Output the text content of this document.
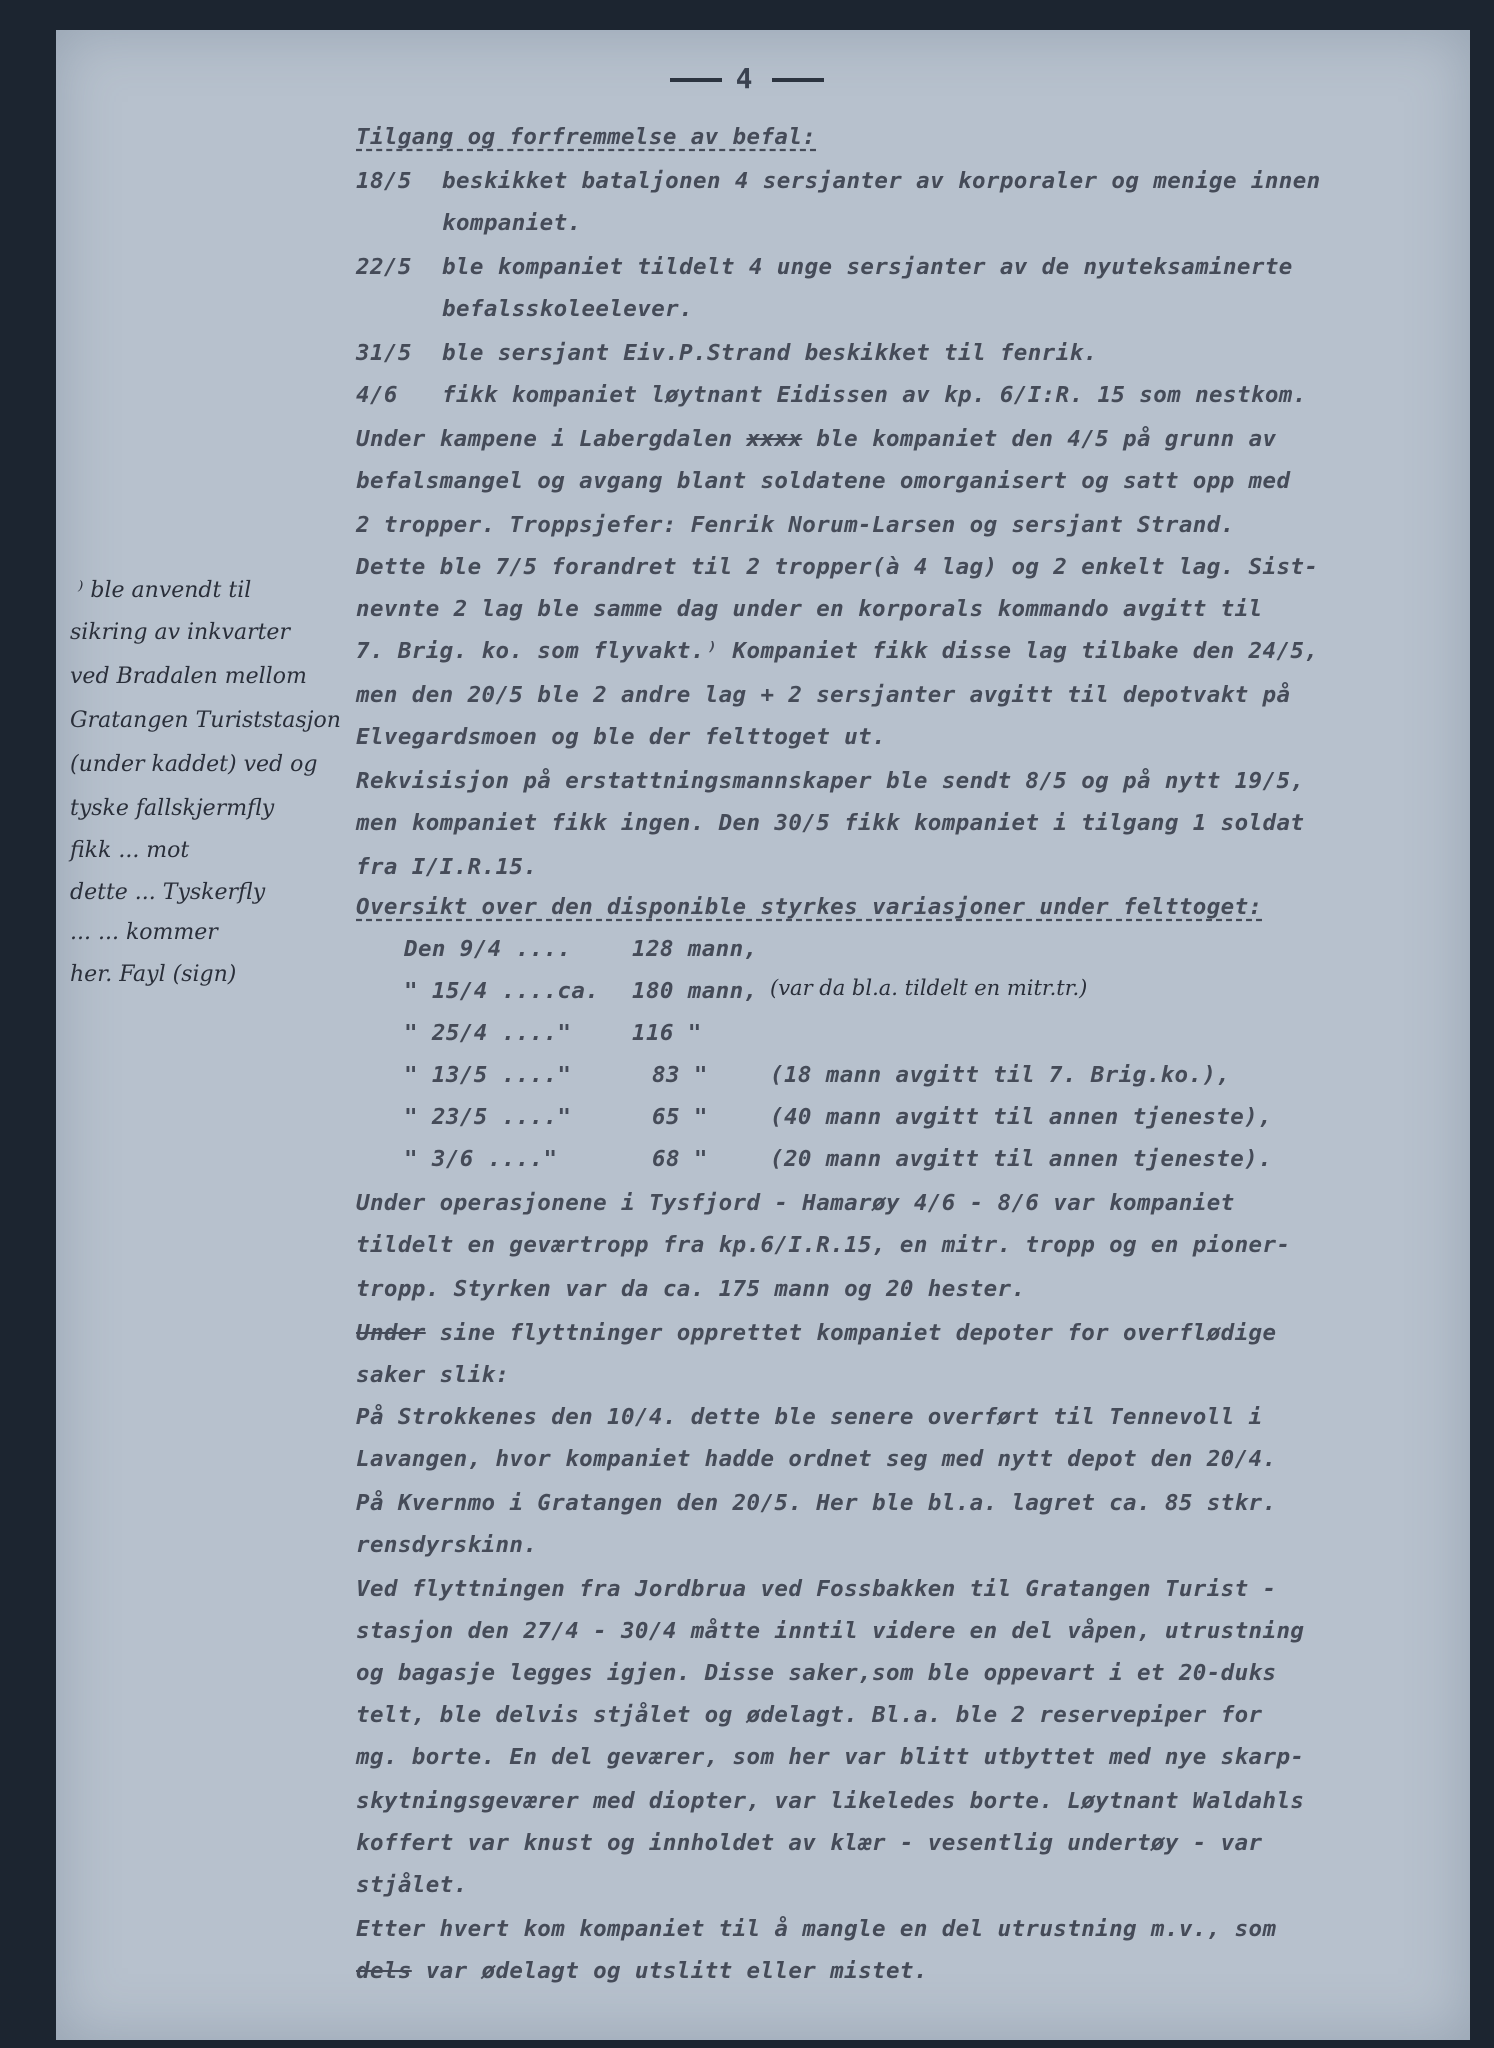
4
Tilgang og forfremmelse av befal:
18/5 beskikket bataljonen 4 sersjanter av korporaler og menige innen
kompaniet.
22/5 ble kompaniet tildelt 4 unge sersjanter av de nyuteksaminerte
befalsskoleelever.
31/5 ble sersjant Eiv.P.Strand beskikket til fenrik.
4/6 fikk kompaniet løytnant Eidissen av kp. 6/I:R. 15 som nestkom.
Under kampene i Labergdalen xxxx ble kompaniet den 4/5 på grunn av
befalsmangel og avgang blant soldatene omorganisert og satt opp med
2 tropper. Troppsjefer: Fenrik Norum-Larsen og sersjant Strand.
Dette ble 7/5 forandret til 2 tropper(à 4 lag) og 2 enkelt lag. Sist-
nevnte 2 lag ble samme dag under en korporals kommando avgitt til
7. Brig. ko. som flyvakt.⁾ Kompaniet fikk disse lag tilbake den 24/5,
men den 20/5 ble 2 andre lag + 2 sersjanter avgitt til depotvakt på
Elvegardsmoen og ble der felttoget ut.
Rekvisisjon på erstattningsmannskaper ble sendt 8/5 og på nytt 19/5,
men kompaniet fikk ingen. Den 30/5 fikk kompaniet i tilgang 1 soldat
fra I/I.R.15.
Oversikt over den disponible styrkes variasjoner under felttoget:
Den 9/4 ....	128 mann,
" 15/4 ....ca. 180 mann, (var da bl.a. tildelt en mitr.tr.)
" 25/4 ...."	116 "
" 13/5 ...."	83 "	(18 mann avgitt til 7. Brig.ko.),
" 23/5 ...."	65 "	(40 mann avgitt til annen tjeneste),
" 3/6 ...."	68 "	(20 mann avgitt til annen tjeneste).
Under operasjonene i Tysfjord - Hamarøy 4/6 - 8/6 var kompaniet
tildelt en geværtropp fra kp.6/I.R.15, en mitr. tropp og en pioner-
tropp. Styrken var da ca. 175 mann og 20 hester.
Under sine flyttninger opprettet kompaniet depoter for overflødige
saker slik:
På Strokkenes den 10/4. dette ble senere overført til Tennevoll i
Lavangen, hvor kompaniet hadde ordnet seg med nytt depot den 20/4.
På Kvernmo i Gratangen den 20/5. Her ble bl.a. lagret ca. 85 stkr.
rensdyrskinn.
Ved flyttningen fra Jordbrua ved Fossbakken til Gratangen Turist -
stasjon den 27/4 - 30/4 måtte inntil videre en del våpen, utrustning
og bagasje legges igjen. Disse saker,som ble oppevart i et 20-duks
telt, ble delvis stjålet og ødelagt. Bl.a. ble 2 reservepiper for
mg. borte. En del geværer, som her var blitt utbyttet med nye skarp-
skytningsgeværer med diopter, var likeledes borte. Løytnant Waldahls
koffert var knust og innholdet av klær - vesentlig undertøy - var
stjålet.
Etter hvert kom kompaniet til å mangle en del utrustning m.v., som
dels var ødelagt og utslitt eller mistet.
⁾ ble anvendt til
sikring av inkvarter
ved Bradalen mellom
Gratangen Turiststasjon
(under kaddet) ved og
tyske fallskjermfly
fikk ... mot
dette ... Tyskerfly
... ... kommer
her. Fayl (sign)
